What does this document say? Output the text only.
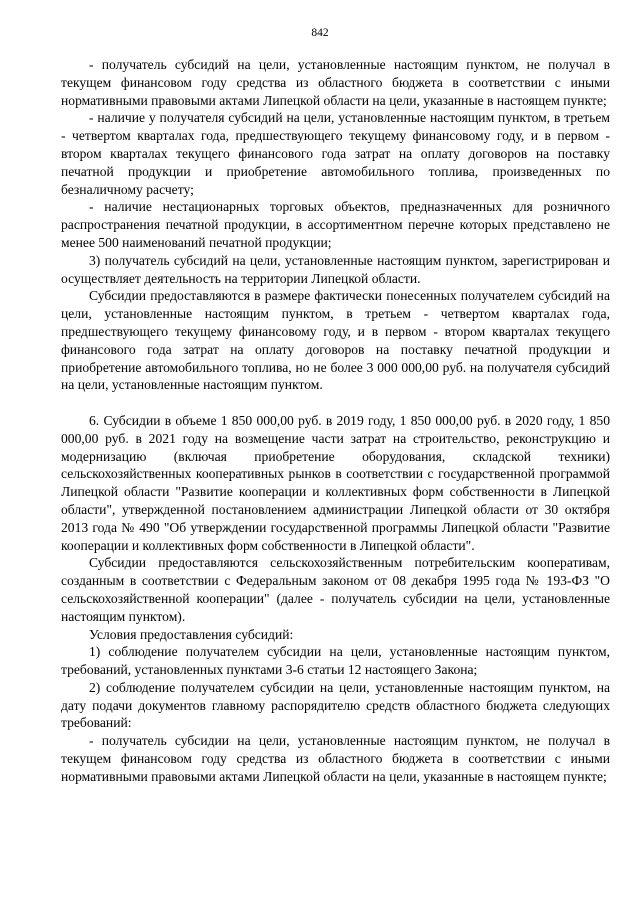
842

- получатель субсидий на цели, установленные настоящим пунктом, не получал в текущем финансовом году средства из областного бюджета в соответствии с иными нормативными правовыми актами Липецкой области на цели, указанные в настоящем пункте;

- наличие у получателя субсидий на цели, установленные настоящим пунктом, в третьем - четвертом кварталах года, предшествующего текущему финансовому году, и в первом - втором кварталах текущего финансового года затрат на оплату договоров на поставку печатной продукции и приобретение автомобильного топлива, произведенных по безналичному расчету;

- наличие нестационарных торговых объектов, предназначенных для розничного распространения печатной продукции, в ассортиментном перечне которых представлено не менее 500 наименований печатной продукции;

3) получатель субсидий на цели, установленные настоящим пунктом, зарегистрирован и осуществляет деятельность на территории Липецкой области.

Субсидии предоставляются в размере фактически понесенных получателем субсидий на цели, установленные настоящим пунктом, в третьем - четвертом кварталах года, предшествующего текущему финансовому году, и в первом - втором кварталах текущего финансового года затрат на оплату договоров на поставку печатной продукции и приобретение автомобильного топлива, но не более 3 000 000,00 руб. на получателя субсидий на цели, установленные настоящим пунктом.

6. Субсидии в объеме 1 850 000,00 руб. в 2019 году, 1 850 000,00 руб. в 2020 году, 1 850 000,00 руб. в 2021 году на возмещение части затрат на строительство, реконструкцию и модернизацию (включая приобретение оборудования, складской техники) сельскохозяйственных кооперативных рынков в соответствии с государственной программой Липецкой области "Развитие кооперации и коллективных форм собственности в Липецкой области", утвержденной постановлением администрации Липецкой области от 30 октября 2013 года № 490 "Об утверждении государственной программы Липецкой области "Развитие кооперации и коллективных форм собственности в Липецкой области".

Субсидии предоставляются сельскохозяйственным потребительским кооперативам, созданным в соответствии с Федеральным законом от 08 декабря 1995 года № 193-ФЗ "О сельскохозяйственной кооперации" (далее - получатель субсидии на цели, установленные настоящим пунктом).

Условия предоставления субсидий:

1) соблюдение получателем субсидии на цели, установленные настоящим пунктом, требований, установленных пунктами 3-6 статьи 12 настоящего Закона;

2) соблюдение получателем субсидии на цели, установленные настоящим пунктом, на дату подачи документов главному распорядителю средств областного бюджета следующих требований:

- получатель субсидии на цели, установленные настоящим пунктом, не получал в текущем финансовом году средства из областного бюджета в соответствии с иными нормативными правовыми актами Липецкой области на цели, указанные в настоящем пункте;
